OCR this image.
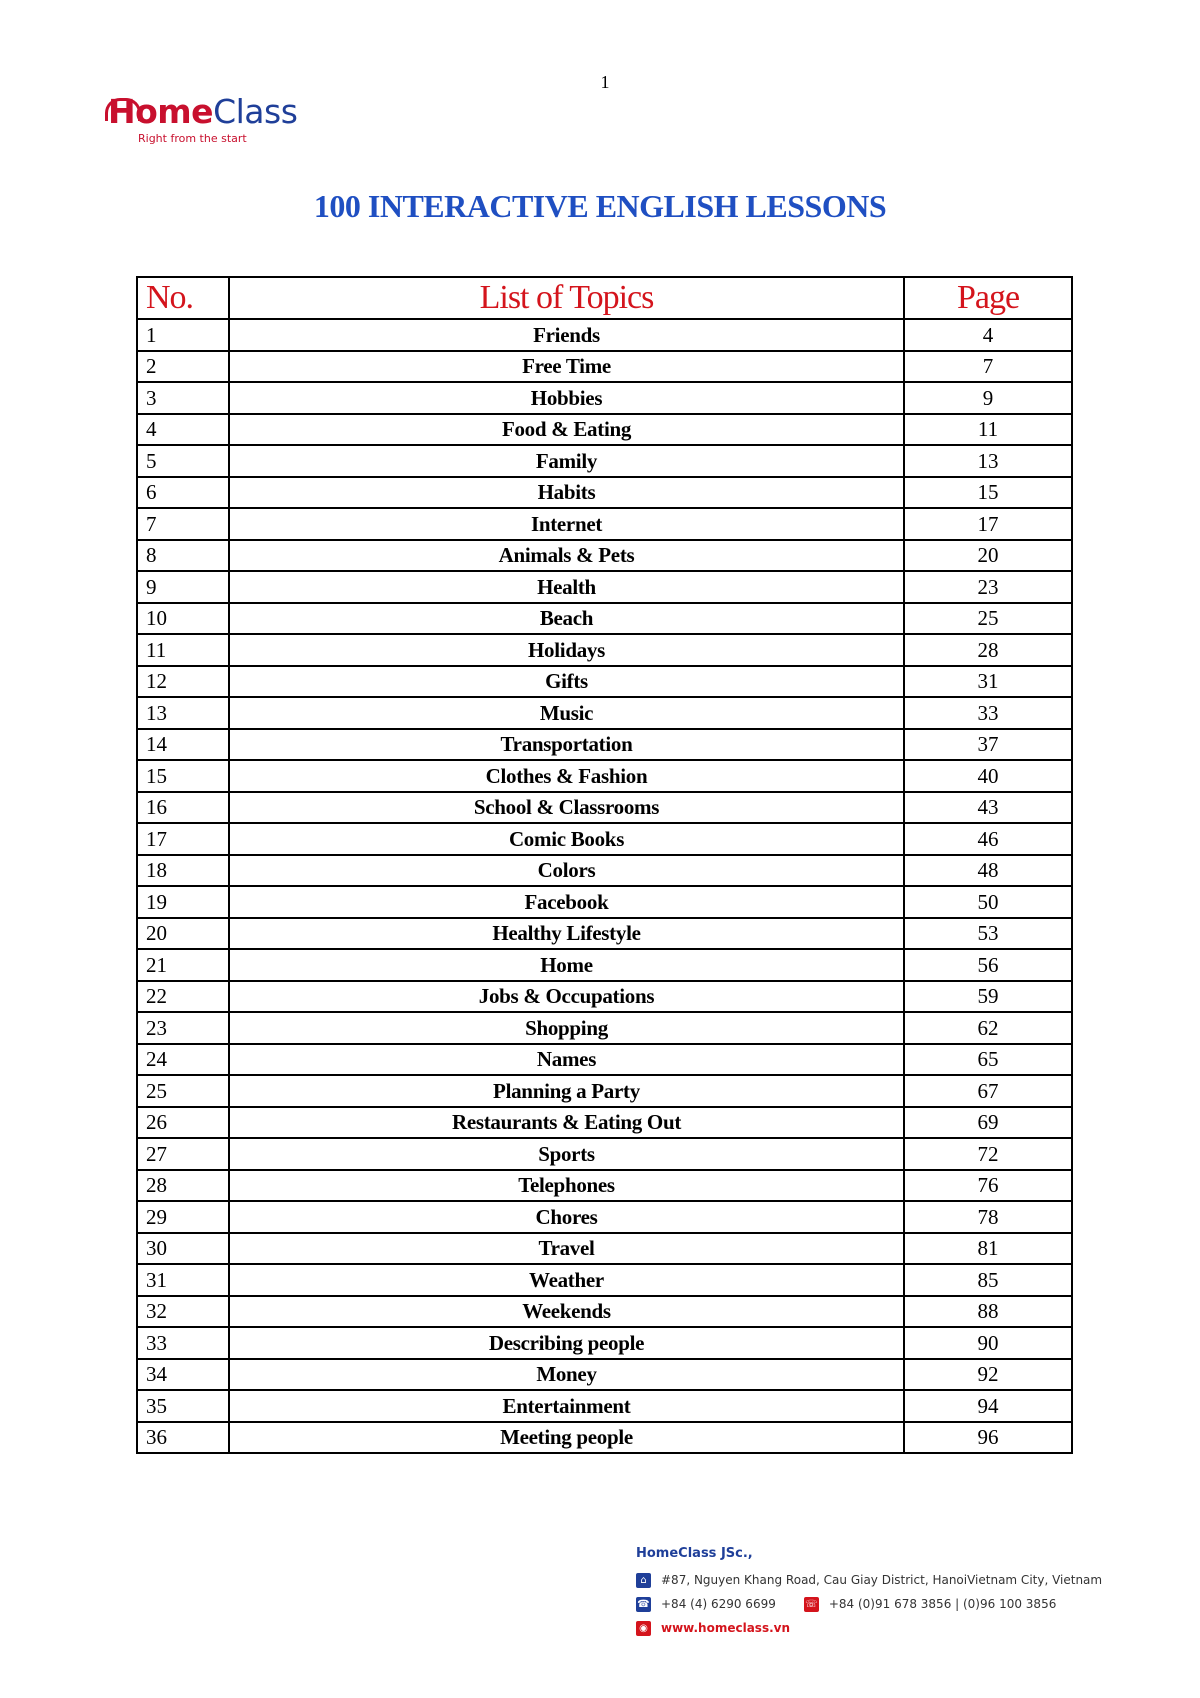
1
HomeClass
Right from the start
100 INTERACTIVE ENGLISH LESSONS
No.	List of Topics	Page
1	Friends	4
2	Free Time	7
3	Hobbies	9
4	Food & Eating	11
5	Family	13
6	Habits	15
7	Internet	17
8	Animals & Pets	20
9	Health	23
10	Beach	25
11	Holidays	28
12	Gifts	31
13	Music	33
14	Transportation	37
15	Clothes & Fashion	40
16	School & Classrooms	43
17	Comic Books	46
18	Colors	48
19	Facebook	50
20	Healthy Lifestyle	53
21	Home	56
22	Jobs & Occupations	59
23	Shopping	62
24	Names	65
25	Planning a Party	67
26	Restaurants & Eating Out	69
27	Sports	72
28	Telephones	76
29	Chores	78
30	Travel	81
31	Weather	85
32	Weekends	88
33	Describing people	90
34	Money	92
35	Entertainment	94
36	Meeting people	96
HomeClass JSc.,
⌂	#87, Nguyen Khang Road, Cau Giay District, HanoiVietnam City, Vietnam
☎ +84 (4) 6290 6699	☏ +84 (0)91 678 3856 | (0)96 100 3856
◉ www.homeclass.vn
